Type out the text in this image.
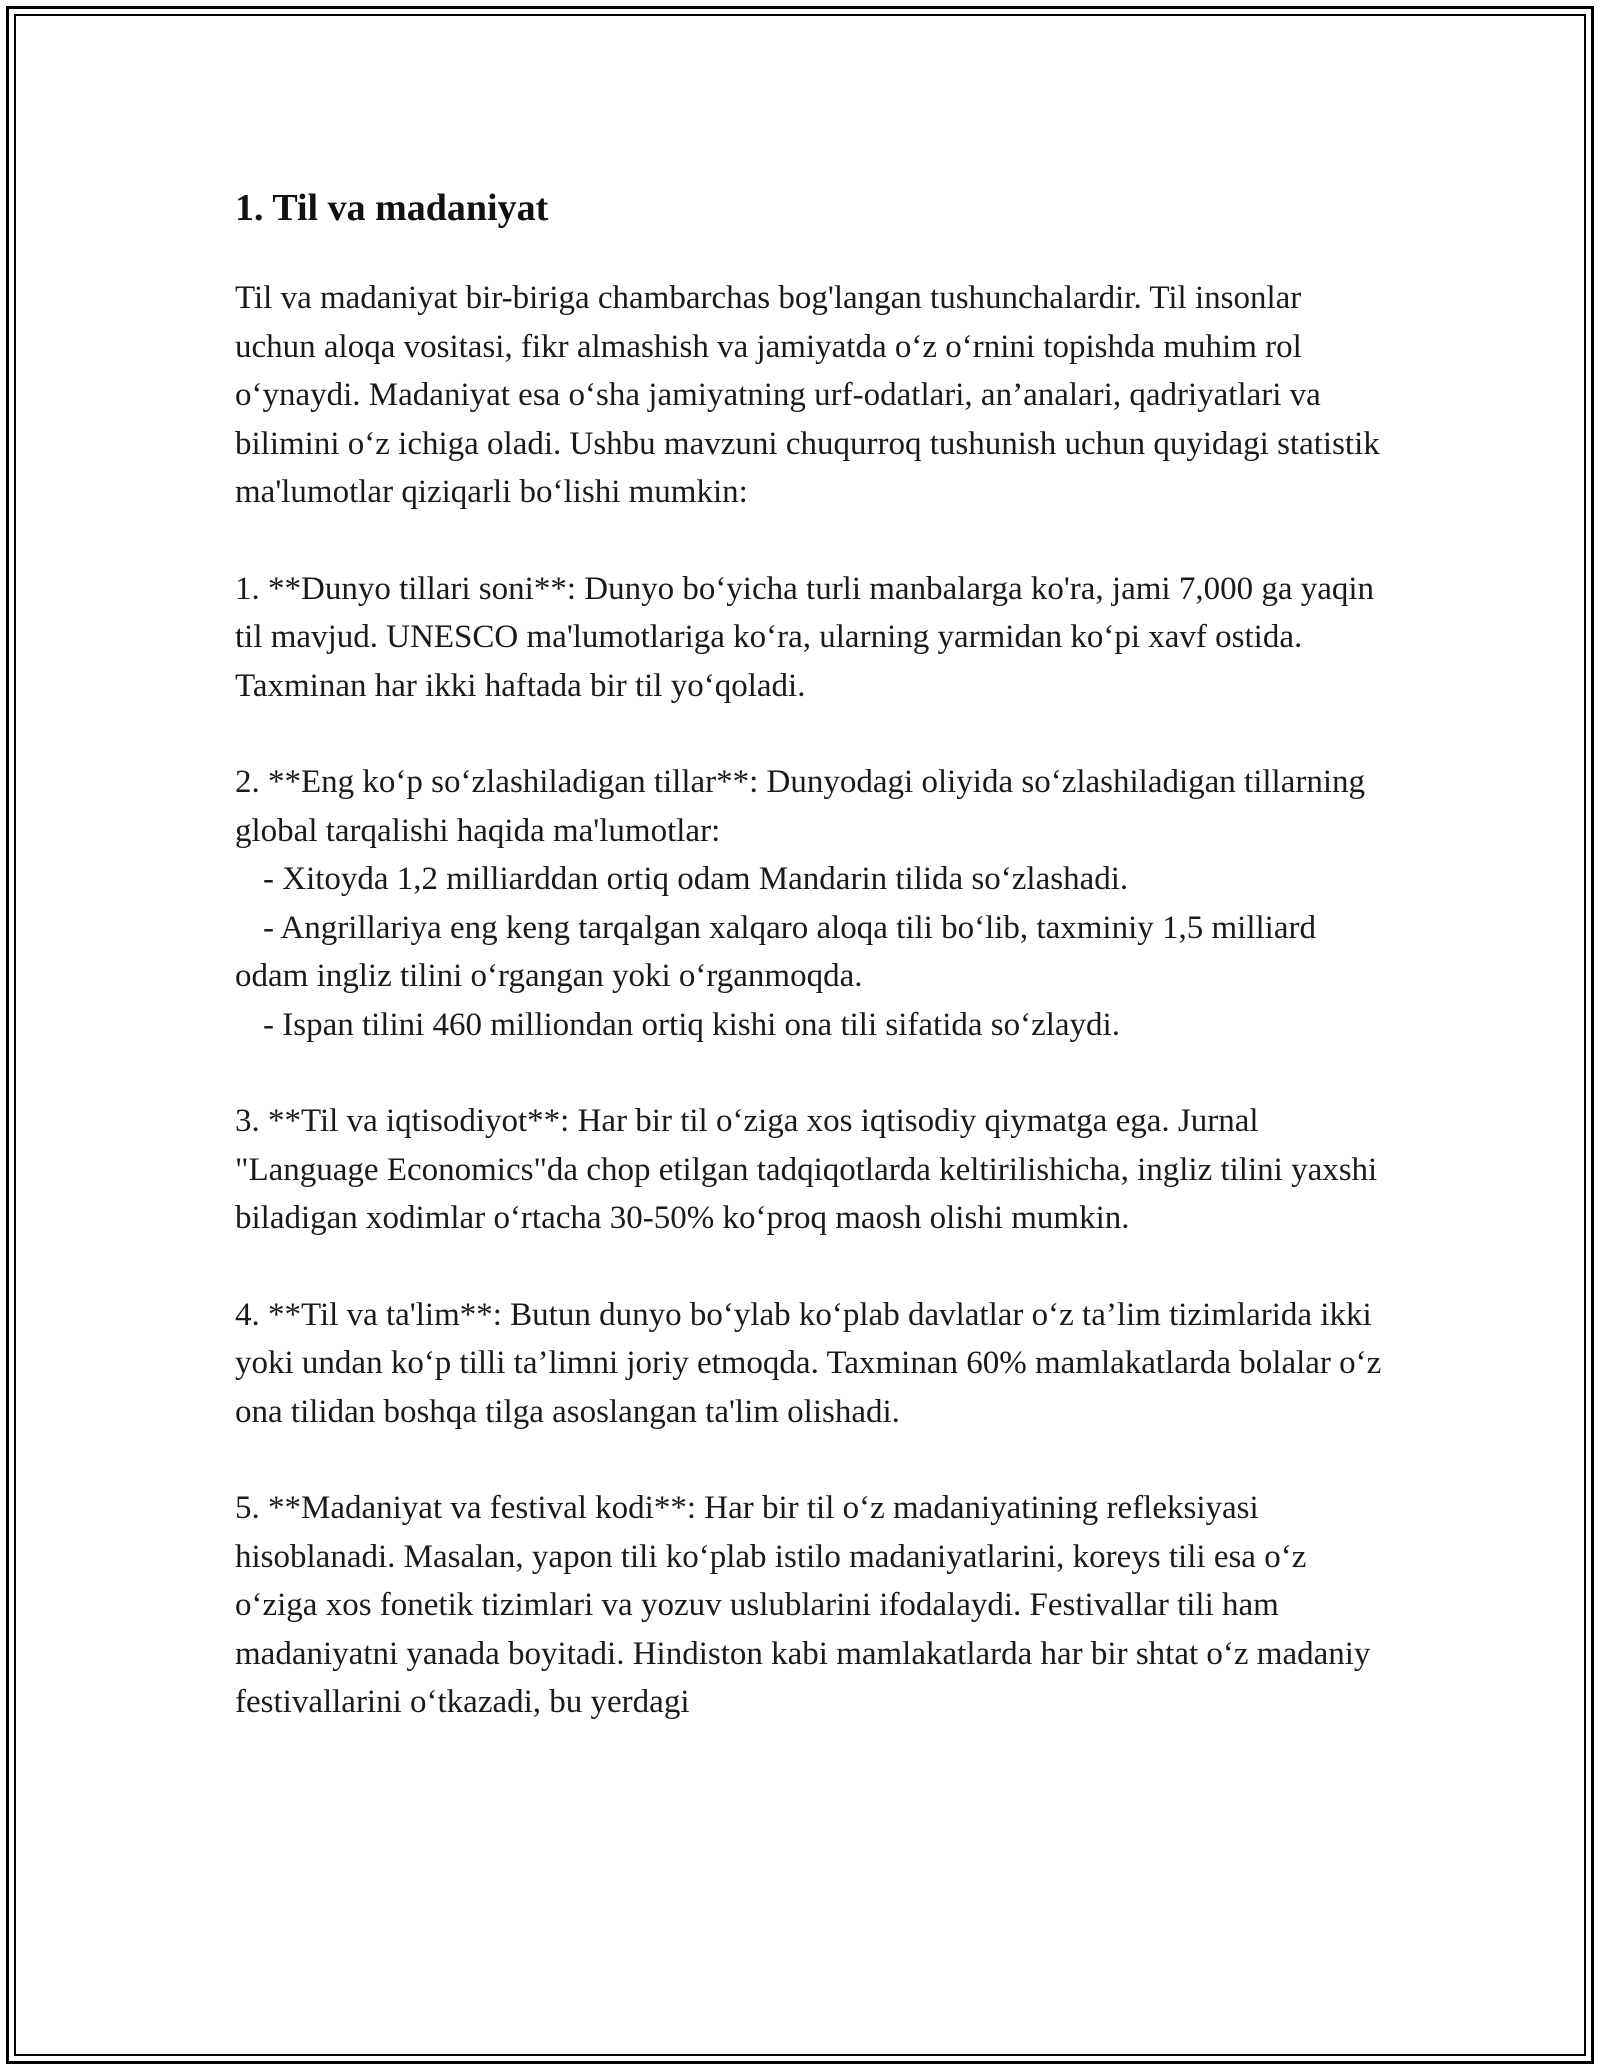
1. Til va madaniyat

Til va madaniyat bir-biriga chambarchas bog'langan tushunchalardir. Til insonlar uchun aloqa vositasi, fikr almashish va jamiyatda o‘z o‘rnini topishda muhim rol o‘ynaydi. Madaniyat esa o‘sha jamiyatning urf-odatlari, an’analari, qadriyatlari va bilimini o‘z ichiga oladi. Ushbu mavzuni chuqurroq tushunish uchun quyidagi statistik ma'lumotlar qiziqarli bo‘lishi mumkin:

1. **Dunyo tillari soni**: Dunyo bo‘yicha turli manbalarga ko'ra, jami 7,000 ga yaqin til mavjud. UNESCO ma'lumotlariga ko‘ra, ularning yarmidan ko‘pi xavf ostida. Taxminan har ikki haftada bir til yo‘qoladi.

2. **Eng ko‘p so‘zlashiladigan tillar**: Dunyodagi oliyida so‘zlashiladigan tillarning global tarqalishi haqida ma'lumotlar:
- Xitoyda 1,2 milliarddan ortiq odam Mandarin tilida so‘zlashadi.
- Angrillariya eng keng tarqalgan xalqaro aloqa tili bo‘lib, taxminiy 1,5 milliard odam ingliz tilini o‘rgangan yoki o‘rganmoqda.
- Ispan tilini 460 milliondan ortiq kishi ona tili sifatida so‘zlaydi.

3. **Til va iqtisodiyot**: Har bir til o‘ziga xos iqtisodiy qiymatga ega. Jurnal "Language Economics"da chop etilgan tadqiqotlarda keltirilishicha, ingliz tilini yaxshi biladigan xodimlar o‘rtacha 30-50% ko‘proq maosh olishi mumkin.

4. **Til va ta'lim**: Butun dunyo bo‘ylab ko‘plab davlatlar o‘z ta’lim tizimlarida ikki yoki undan ko‘p tilli ta’limni joriy etmoqda. Taxminan 60% mamlakatlarda bolalar o‘z ona tilidan boshqa tilga asoslangan ta'lim olishadi.

5. **Madaniyat va festival kodi**: Har bir til o‘z madaniyatining refleksiyasi hisoblanadi. Masalan, yapon tili ko‘plab istilo madaniyatlarini, koreys tili esa o‘z o‘ziga xos fonetik tizimlari va yozuv uslublarini ifodalaydi. Festivallar tili ham madaniyatni yanada boyitadi. Hindiston kabi mamlakatlarda har bir shtat o‘z madaniy festivallarini o‘tkazadi, bu yerdagi
